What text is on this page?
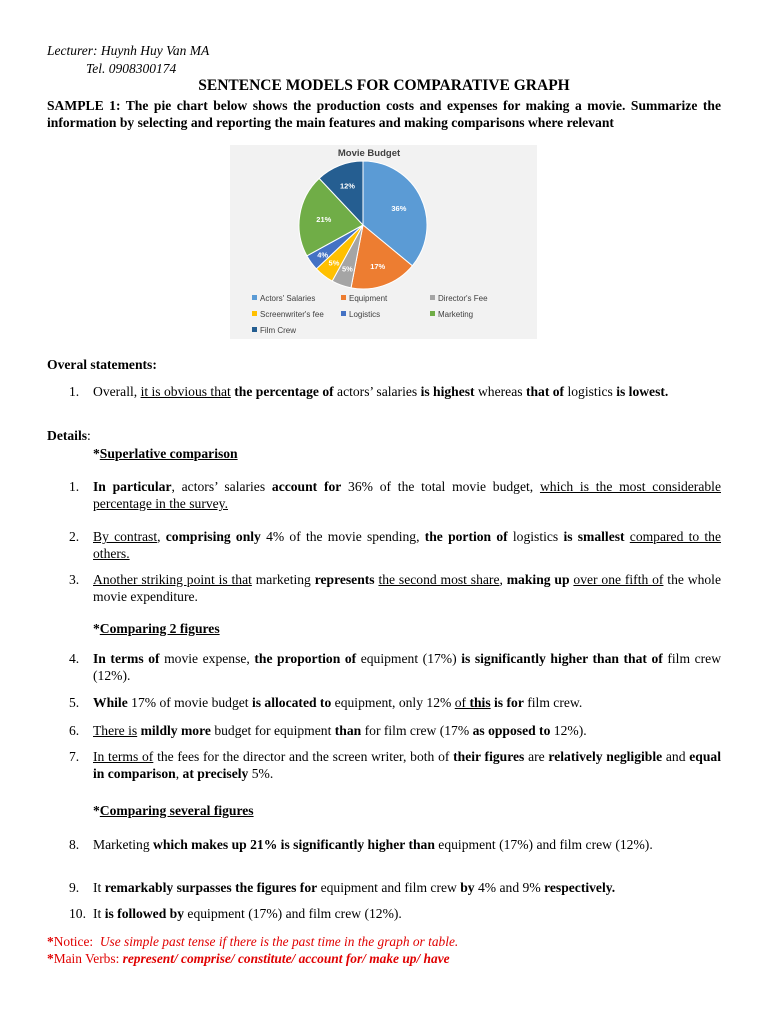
Lecturer: Huynh Huy Van MA
Tel. 0908300174
SENTENCE MODELS FOR COMPARATIVE GRAPH
SAMPLE 1: The pie chart below shows the production costs and expenses for making a movie. Summarize the information by selecting and reporting the main features and making comparisons where relevant
Movie Budget
36%
17%
5%
5%
4%
21%
12%
Actors' Salaries	Equipment	Director's Fee
Screenwriter's fee	Logistics	Marketing
Film Crew
Overal statements:
1.	Overall, it is obvious that the percentage of actors’ salaries is highest whereas that of logistics is lowest.
Details:
*Superlative comparison
*Comparing 2 figures
*Comparing several figures
1.	In particular, actors’ salaries account for 36% of the total movie budget, which is the most considerable percentage in the survey.
2.	By contrast, comprising only 4% of the movie spending, the portion of logistics is smallest compared to the others.
3.	Another striking point is that marketing represents the second most share, making up over one fifth of the whole movie expenditure.
4.	In terms of movie expense, the proportion of equipment (17%) is significantly higher than that of film crew (12%).
5.	While 17% of movie budget is allocated to equipment, only 12% of this is for film crew.
6.	There is mildly more budget for equipment than for film crew (17% as opposed to 12%).
7.	In terms of the fees for the director and the screen writer, both of their figures are relatively negligible and equal in comparison, at precisely 5%.
8.	Marketing which makes up 21% is significantly higher than equipment (17%) and film crew (12%).
9.	It remarkably surpasses the figures for equipment and film crew by 4% and 9% respectively.
10. It is followed by equipment (17%) and film crew (12%).
*Notice: Use simple past tense if there is the past time in the graph or table.
*Main Verbs: represent/ comprise/ constitute/ account for/ make up/ have
